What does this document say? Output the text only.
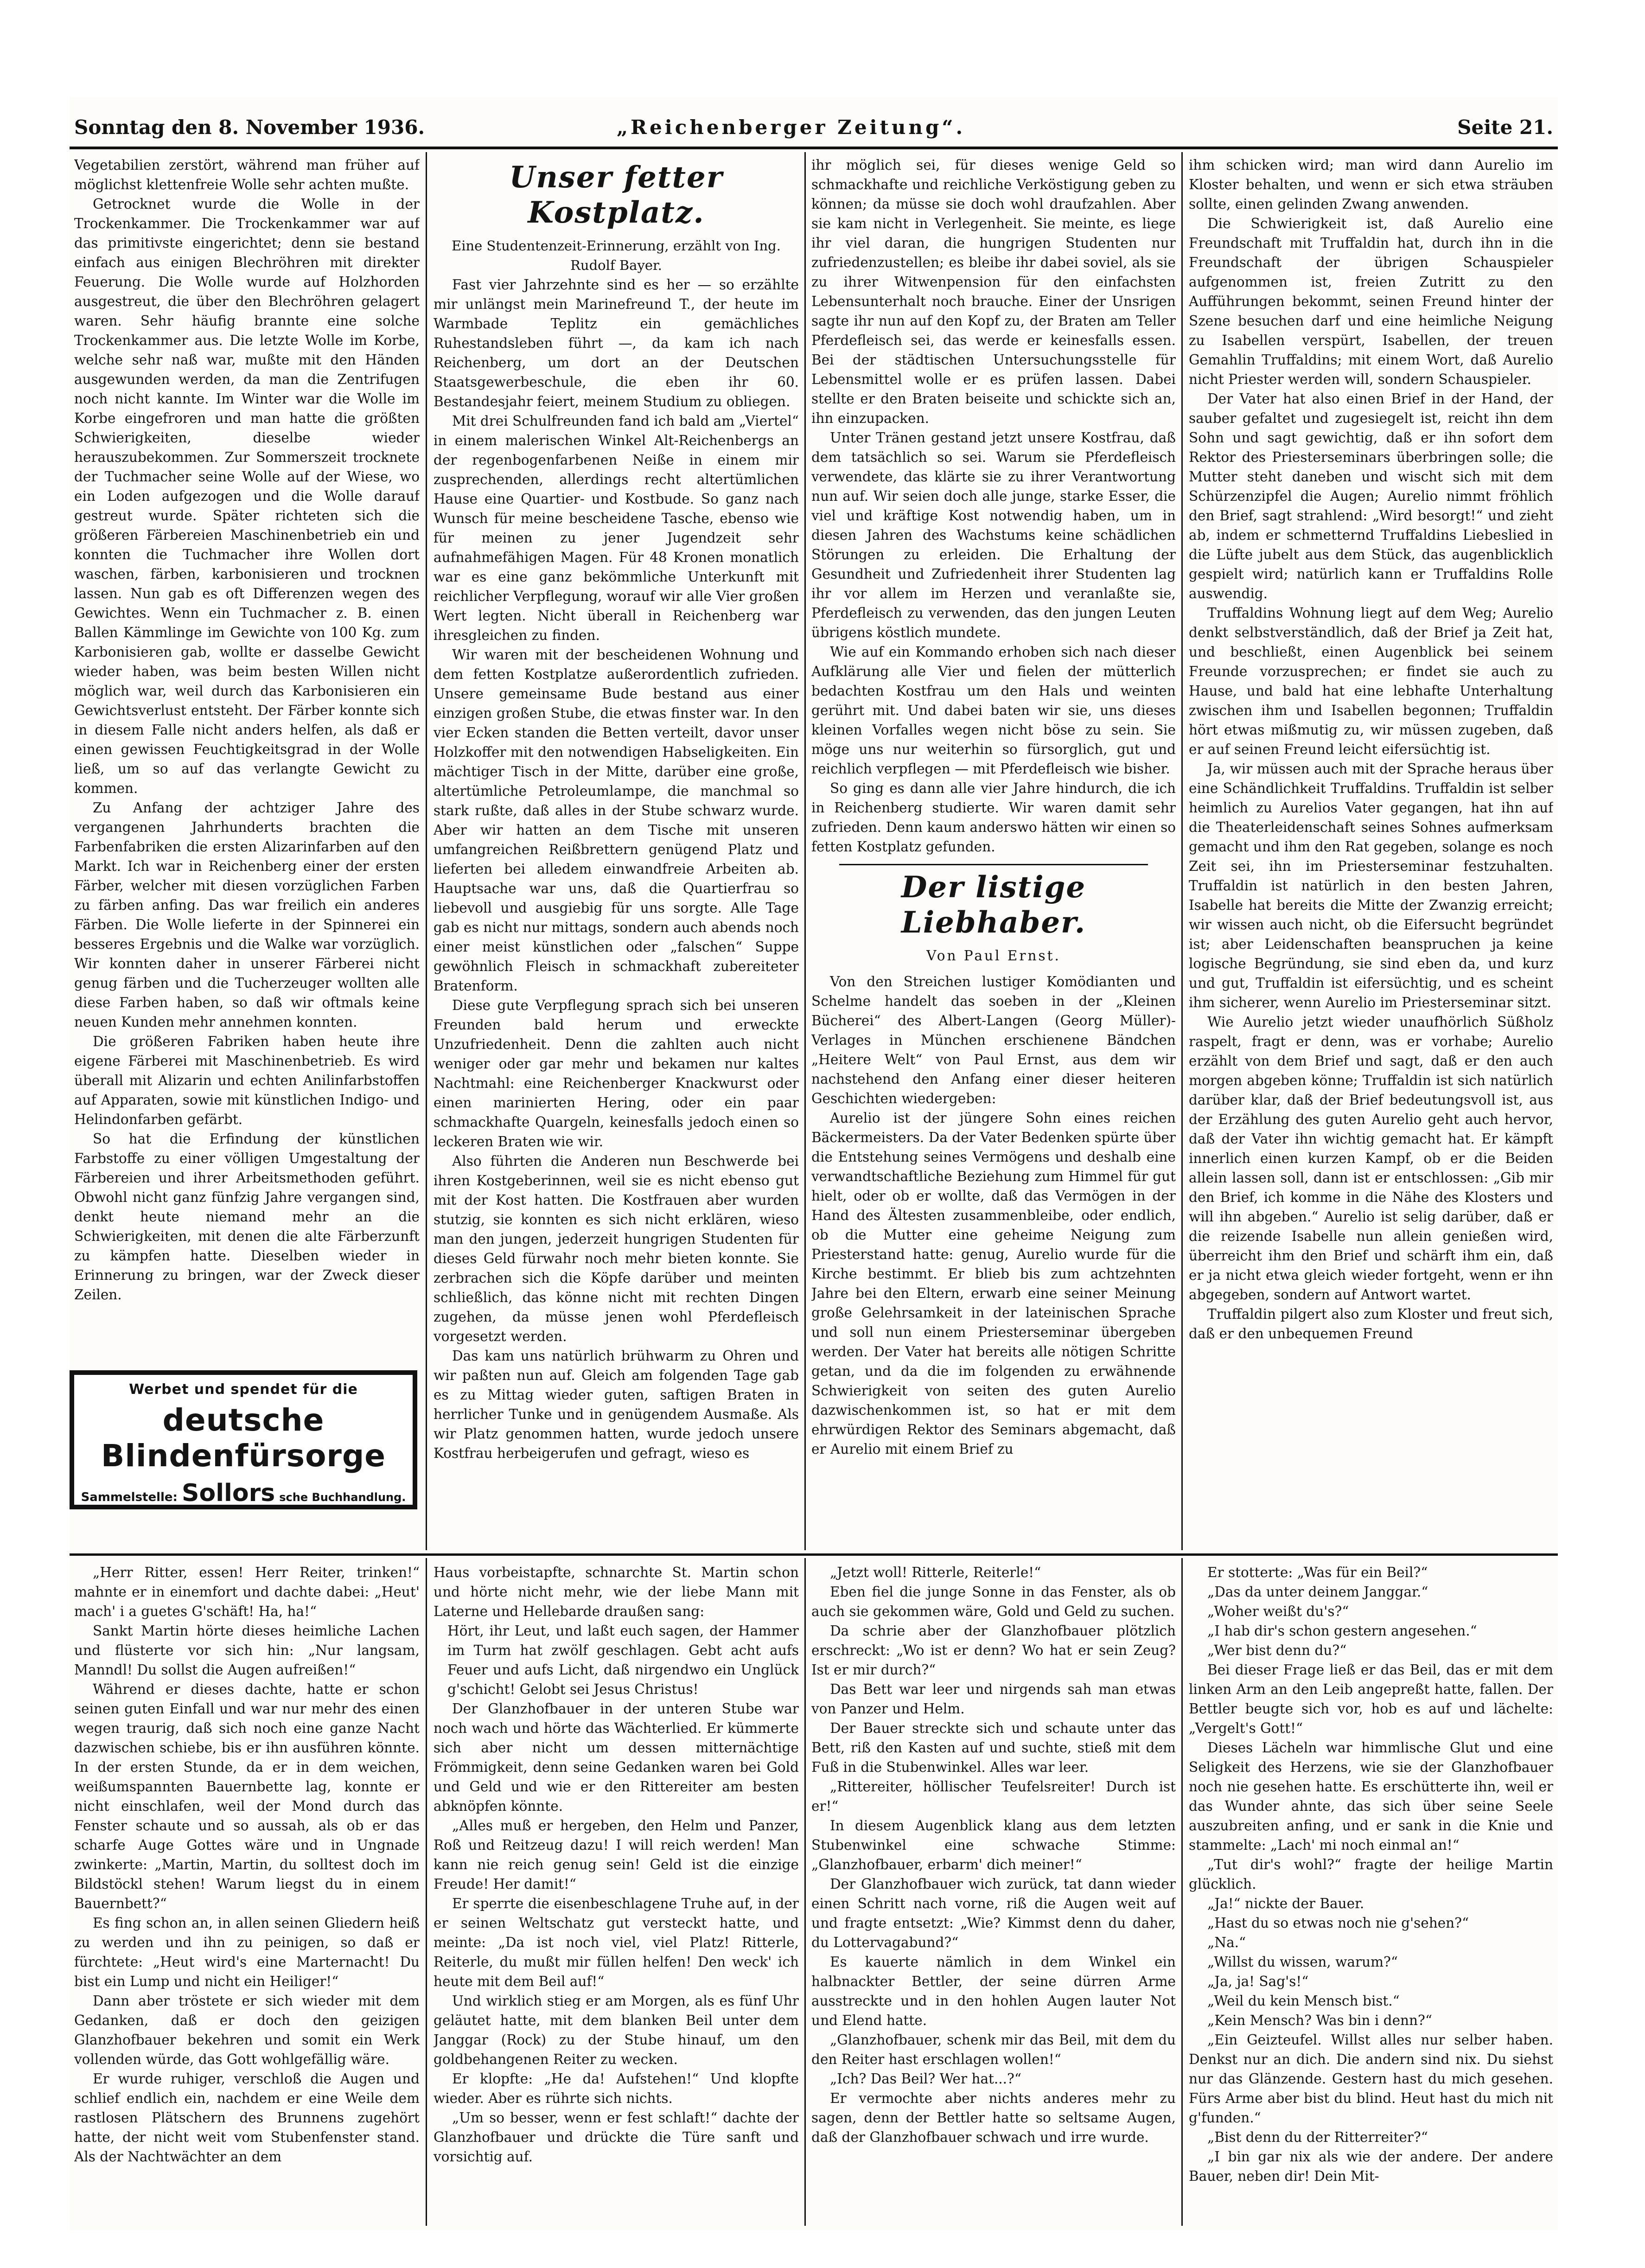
Sonntag den 8. November 1936.	„Reichenberger Zeitung“.	Seite 21.

Vegetabilien zerstört, während man früher auf möglichst klettenfreie Wolle sehr achten mußte.

Getrocknet wurde die Wolle in der Trockenkammer. Die Trockenkammer war auf das primitivste eingerichtet; denn sie bestand einfach aus einigen Blechröhren mit direkter Feuerung. Die Wolle wurde auf Holzhorden ausgestreut, die über den Blechröhren gelagert waren. Sehr häufig brannte eine solche Trockenkammer aus. Die letzte Wolle im Korbe, welche sehr naß war, mußte mit den Händen ausgewunden werden, da man die Zentrifugen noch nicht kannte. Im Winter war die Wolle im Korbe eingefroren und man hatte die größten Schwierigkeiten, dieselbe wieder herauszubekommen. Zur Sommerszeit trocknete der Tuchmacher seine Wolle auf der Wiese, wo ein Loden aufgezogen und die Wolle darauf gestreut wurde. Später richteten sich die größeren Färbereien Maschinenbetrieb ein und konnten die Tuchmacher ihre Wollen dort waschen, färben, karbonisieren und trocknen lassen. Nun gab es oft Differenzen wegen des Gewichtes. Wenn ein Tuchmacher z. B. einen Ballen Kämmlinge im Gewichte von 100 Kg. zum Karbonisieren gab, wollte er dasselbe Gewicht wieder haben, was beim besten Willen nicht möglich war, weil durch das Karbonisieren ein Gewichtsverlust entsteht. Der Färber konnte sich in diesem Falle nicht anders helfen, als daß er einen gewissen Feuchtigkeitsgrad in der Wolle ließ, um so auf das verlangte Gewicht zu kommen.

Zu Anfang der achtziger Jahre des vergangenen Jahrhunderts brachten die Farbenfabriken die ersten Alizarinfarben auf den Markt. Ich war in Reichenberg einer der ersten Färber, welcher mit diesen vorzüglichen Farben zu färben anfing. Das war freilich ein anderes Färben. Die Wolle lieferte in der Spinnerei ein besseres Ergebnis und die Walke war vorzüglich. Wir konnten daher in unserer Färberei nicht genug färben und die Tucherzeuger wollten alle diese Farben haben, so daß wir oftmals keine neuen Kunden mehr annehmen konnten.

Die größeren Fabriken haben heute ihre eigene Färberei mit Maschinenbetrieb. Es wird überall mit Alizarin und echten Anilinfarbstoffen auf Apparaten, sowie mit künstlichen Indigo- und Helindonfarben gefärbt.

So hat die Erfindung der künstlichen Farbstoffe zu einer völligen Umgestaltung der Färbereien und ihrer Arbeitsmethoden geführt. Obwohl nicht ganz fünfzig Jahre vergangen sind, denkt heute niemand mehr an die Schwierigkeiten, mit denen die alte Färberzunft zu kämpfen hatte. Dieselben wieder in Erinnerung zu bringen, war der Zweck dieser Zeilen.

Werbet und spendet für die
deutsche Blindenfürsorge
Sammelstelle: Sollors sche Buchhandlung.
Unser fetter Kostplatz.

Eine Studentenzeit-Erinnerung, erzählt von Ing. Rudolf Bayer.

Fast vier Jahrzehnte sind es her — so erzählte mir unlängst mein Marinefreund T., der heute im Warmbade Teplitz ein gemächliches Ruhestandsleben führt —, da kam ich nach Reichenberg, um dort an der Deutschen Staatsgewerbeschule, die eben ihr 60. Bestandesjahr feiert, meinem Studium zu obliegen.

Mit drei Schulfreunden fand ich bald am „Viertel“ in einem malerischen Winkel Alt-Reichenbergs an der regenbogenfarbenen Neiße in einem mir zusprechenden, allerdings recht altertümlichen Hause eine Quartier- und Kostbude. So ganz nach Wunsch für meine bescheidene Tasche, ebenso wie für meinen zu jener Jugendzeit sehr aufnahmefähigen Magen. Für 48 Kronen monatlich war es eine ganz bekömmliche Unterkunft mit reichlicher Verpflegung, worauf wir alle Vier großen Wert legten. Nicht überall in Reichenberg war ihresgleichen zu finden.

Wir waren mit der bescheidenen Wohnung und dem fetten Kostplatze außerordentlich zufrieden. Unsere gemeinsame Bude bestand aus einer einzigen großen Stube, die etwas finster war. In den vier Ecken standen die Betten verteilt, davor unser Holzkoffer mit den notwendigen Habseligkeiten. Ein mächtiger Tisch in der Mitte, darüber eine große, altertümliche Petroleumlampe, die manchmal so stark rußte, daß alles in der Stube schwarz wurde. Aber wir hatten an dem Tische mit unseren umfangreichen Reißbrettern genügend Platz und lieferten bei alledem einwandfreie Arbeiten ab. Hauptsache war uns, daß die Quartierfrau so liebevoll und ausgiebig für uns sorgte. Alle Tage gab es nicht nur mittags, sondern auch abends noch einer meist künstlichen oder „falschen“ Suppe gewöhnlich Fleisch in schmackhaft zubereiteter Bratenform.

Diese gute Verpflegung sprach sich bei unseren Freunden bald herum und erweckte Unzufriedenheit. Denn die zahlten auch nicht weniger oder gar mehr und bekamen nur kaltes Nachtmahl: eine Reichenberger Knackwurst oder einen marinierten Hering, oder ein paar schmackhafte Quargeln, keinesfalls jedoch einen so leckeren Braten wie wir.

Also führten die Anderen nun Beschwerde bei ihren Kostgeberinnen, weil sie es nicht ebenso gut mit der Kost hatten. Die Kostfrauen aber wurden stutzig, sie konnten es sich nicht erklären, wieso man den jungen, jederzeit hungrigen Studenten für dieses Geld fürwahr noch mehr bieten konnte. Sie zerbrachen sich die Köpfe darüber und meinten schließlich, das könne nicht mit rechten Dingen zugehen, da müsse jenen wohl Pferdefleisch vorgesetzt werden.

Das kam uns natürlich brühwarm zu Ohren und wir paßten nun auf. Gleich am folgenden Tage gab es zu Mittag wieder guten, saftigen Braten in herrlicher Tunke und in genügendem Ausmaße. Als wir Platz genommen hatten, wurde jedoch unsere Kostfrau herbeigerufen und gefragt, wieso es

ihr möglich sei, für dieses wenige Geld so schmackhafte und reichliche Verköstigung geben zu können; da müsse sie doch wohl draufzahlen. Aber sie kam nicht in Verlegenheit. Sie meinte, es liege ihr viel daran, die hungrigen Studenten nur zufriedenzustellen; es bleibe ihr dabei soviel, als sie zu ihrer Witwenpension für den einfachsten Lebensunterhalt noch brauche. Einer der Unsrigen sagte ihr nun auf den Kopf zu, der Braten am Teller Pferdefleisch sei, das werde er keinesfalls essen. Bei der städtischen Untersuchungsstelle für Lebensmittel wolle er es prüfen lassen. Dabei stellte er den Braten beiseite und schickte sich an, ihn einzupacken.

Unter Tränen gestand jetzt unsere Kostfrau, daß dem tatsächlich so sei. Warum sie Pferdefleisch verwendete, das klärte sie zu ihrer Verantwortung nun auf. Wir seien doch alle junge, starke Esser, die viel und kräftige Kost notwendig haben, um in diesen Jahren des Wachstums keine schädlichen Störungen zu erleiden. Die Erhaltung der Gesundheit und Zufriedenheit ihrer Studenten lag ihr vor allem im Herzen und veranlaßte sie, Pferdefleisch zu verwenden, das den jungen Leuten übrigens köstlich mundete.

Wie auf ein Kommando erhoben sich nach dieser Aufklärung alle Vier und fielen der mütterlich bedachten Kostfrau um den Hals und weinten gerührt mit. Und dabei baten wir sie, uns dieses kleinen Vorfalles wegen nicht böse zu sein. Sie möge uns nur weiterhin so fürsorglich, gut und reichlich verpflegen — mit Pferdefleisch wie bisher.

So ging es dann alle vier Jahre hindurch, die ich in Reichenberg studierte. Wir waren damit sehr zufrieden. Denn kaum anderswo hätten wir einen so fetten Kostplatz gefunden.

Der listige Liebhaber.

Von Paul Ernst.

Von den Streichen lustiger Komödianten und Schelme handelt das soeben in der „Kleinen Bücherei“ des Albert-Langen (Georg Müller)-Verlages in München erschienene Bändchen „Heitere Welt“ von Paul Ernst, aus dem wir nachstehend den Anfang einer dieser heiteren Geschichten wiedergeben:

Aurelio ist der jüngere Sohn eines reichen Bäckermeisters. Da der Vater Bedenken spürte über die Entstehung seines Vermögens und deshalb eine verwandtschaftliche Beziehung zum Himmel für gut hielt, oder ob er wollte, daß das Vermögen in der Hand des Ältesten zusammenbleibe, oder endlich, ob die Mutter eine geheime Neigung zum Priesterstand hatte: genug, Aurelio wurde für die Kirche bestimmt. Er blieb bis zum achtzehnten Jahre bei den Eltern, erwarb eine seiner Meinung große Gelehrsamkeit in der lateinischen Sprache und soll nun einem Priesterseminar übergeben werden. Der Vater hat bereits alle nötigen Schritte getan, und da die im folgenden zu erwähnende Schwierigkeit von seiten des guten Aurelio dazwischenkommen ist, so hat er mit dem ehrwürdigen Rektor des Seminars abgemacht, daß er Aurelio mit einem Brief zu

ihm schicken wird; man wird dann Aurelio im Kloster behalten, und wenn er sich etwa sträuben sollte, einen gelinden Zwang anwenden.

Die Schwierigkeit ist, daß Aurelio eine Freundschaft mit Truffaldin hat, durch ihn in die Freundschaft der übrigen Schauspieler aufgenommen ist, freien Zutritt zu den Aufführungen bekommt, seinen Freund hinter der Szene besuchen darf und eine heimliche Neigung zu Isabellen verspürt, Isabellen, der treuen Gemahlin Truffaldins; mit einem Wort, daß Aurelio nicht Priester werden will, sondern Schauspieler.

Der Vater hat also einen Brief in der Hand, der sauber gefaltet und zugesiegelt ist, reicht ihn dem Sohn und sagt gewichtig, daß er ihn sofort dem Rektor des Priesterseminars überbringen solle; die Mutter steht daneben und wischt sich mit dem Schürzenzipfel die Augen; Aurelio nimmt fröhlich den Brief, sagt strahlend: „Wird besorgt!“ und zieht ab, indem er schmetternd Truffaldins Liebeslied in die Lüfte jubelt aus dem Stück, das augenblicklich gespielt wird; natürlich kann er Truffaldins Rolle auswendig.

Truffaldins Wohnung liegt auf dem Weg; Aurelio denkt selbstverständlich, daß der Brief ja Zeit hat, und beschließt, einen Augenblick bei seinem Freunde vorzusprechen; er findet sie auch zu Hause, und bald hat eine lebhafte Unterhaltung zwischen ihm und Isabellen begonnen; Truffaldin hört etwas mißmutig zu, wir müssen zugeben, daß er auf seinen Freund leicht eifersüchtig ist.

Ja, wir müssen auch mit der Sprache heraus über eine Schändlichkeit Truffaldins. Truffaldin ist selber heimlich zu Aurelios Vater gegangen, hat ihn auf die Theaterleidenschaft seines Sohnes aufmerksam gemacht und ihm den Rat gegeben, solange es noch Zeit sei, ihn im Priesterseminar festzuhalten. Truffaldin ist natürlich in den besten Jahren, Isabelle hat bereits die Mitte der Zwanzig erreicht; wir wissen auch nicht, ob die Eifersucht begründet ist; aber Leidenschaften beanspruchen ja keine logische Begründung, sie sind eben da, und kurz und gut, Truffaldin ist eifersüchtig, und es scheint ihm sicherer, wenn Aurelio im Priesterseminar sitzt.

Wie Aurelio jetzt wieder unaufhörlich Süßholz raspelt, fragt er denn, was er vorhabe; Aurelio erzählt von dem Brief und sagt, daß er den auch morgen abgeben könne; Truffaldin ist sich natürlich darüber klar, daß der Brief bedeutungsvoll ist, aus der Erzählung des guten Aurelio geht auch hervor, daß der Vater ihn wichtig gemacht hat. Er kämpft innerlich einen kurzen Kampf, ob er die Beiden allein lassen soll, dann ist er entschlossen: „Gib mir den Brief, ich komme in die Nähe des Klosters und will ihn abgeben.“ Aurelio ist selig darüber, daß er die reizende Isabelle nun allein genießen wird, überreicht ihm den Brief und schärft ihm ein, daß er ja nicht etwa gleich wieder fortgeht, wenn er ihn abgegeben, sondern auf Antwort wartet.

Truffaldin pilgert also zum Kloster und freut sich, daß er den unbequemen Freund

„Herr Ritter, essen! Herr Reiter, trinken!“ mahnte er in einemfort und dachte dabei: „Heut' mach' i a guetes G'schäft! Ha, ha!“

Sankt Martin hörte dieses heimliche Lachen und flüsterte vor sich hin: „Nur langsam, Manndl! Du sollst die Augen aufreißen!“

Während er dieses dachte, hatte er schon seinen guten Einfall und war nur mehr des einen wegen traurig, daß sich noch eine ganze Nacht dazwischen schiebe, bis er ihn ausführen könnte. In der ersten Stunde, da er in dem weichen, weißumspannten Bauernbette lag, konnte er nicht einschlafen, weil der Mond durch das Fenster schaute und so aussah, als ob er das scharfe Auge Gottes wäre und in Ungnade zwinkerte: „Martin, Martin, du solltest doch im Bildstöckl stehen! Warum liegst du in einem Bauernbett?“

Es fing schon an, in allen seinen Gliedern heiß zu werden und ihn zu peinigen, so daß er fürchtete: „Heut wird's eine Marternacht! Du bist ein Lump und nicht ein Heiliger!“

Dann aber tröstete er sich wieder mit dem Gedanken, daß er doch den geizigen Glanzhofbauer bekehren und somit ein Werk vollenden würde, das Gott wohlgefällig wäre.

Er wurde ruhiger, verschloß die Augen und schlief endlich ein, nachdem er eine Weile dem rastlosen Plätschern des Brunnens zugehört hatte, der nicht weit vom Stubenfenster stand. Als der Nachtwächter an dem

Haus vorbeistapfte, schnarchte St. Martin schon und hörte nicht mehr, wie der liebe Mann mit Laterne und Hellebarde draußen sang:

Hört, ihr Leut, und laßt euch sagen, der Hammer im Turm hat zwölf geschlagen. Gebt acht aufs Feuer und aufs Licht, daß nirgendwo ein Unglück g'schicht! Gelobt sei Jesus Christus!

Der Glanzhofbauer in der unteren Stube war noch wach und hörte das Wächterlied. Er kümmerte sich aber nicht um dessen mitternächtige Frömmigkeit, denn seine Gedanken waren bei Gold und Geld und wie er den Rittereiter am besten abknöpfen könnte.

„Alles muß er hergeben, den Helm und Panzer, Roß und Reitzeug dazu! I will reich werden! Man kann nie reich genug sein! Geld ist die einzige Freude! Her damit!“

Er sperrte die eisenbeschlagene Truhe auf, in der er seinen Weltschatz gut versteckt hatte, und meinte: „Da ist noch viel, viel Platz! Ritterle, Reiterle, du mußt mir füllen helfen! Den weck' ich heute mit dem Beil auf!“

Und wirklich stieg er am Morgen, als es fünf Uhr geläutet hatte, mit dem blanken Beil unter dem Janggar (Rock) zu der Stube hinauf, um den goldbehangenen Reiter zu wecken.

Er klopfte: „He da! Aufstehen!“ Und klopfte wieder. Aber es rührte sich nichts.

„Um so besser, wenn er fest schlaft!“ dachte der Glanzhofbauer und drückte die Türe sanft und vorsichtig auf.

„Jetzt woll! Ritterle, Reiterle!“

Eben fiel die junge Sonne in das Fenster, als ob auch sie gekommen wäre, Gold und Geld zu suchen.

Da schrie aber der Glanzhofbauer plötzlich erschreckt: „Wo ist er denn? Wo hat er sein Zeug? Ist er mir durch?“

Das Bett war leer und nirgends sah man etwas von Panzer und Helm.

Der Bauer streckte sich und schaute unter das Bett, riß den Kasten auf und suchte, stieß mit dem Fuß in die Stubenwinkel. Alles war leer.

„Rittereiter, höllischer Teufelsreiter! Durch ist er!“

In diesem Augenblick klang aus dem letzten Stubenwinkel eine schwache Stimme: „Glanzhofbauer, erbarm' dich meiner!“

Der Glanzhofbauer wich zurück, tat dann wieder einen Schritt nach vorne, riß die Augen weit auf und fragte entsetzt: „Wie? Kimmst denn du daher, du Lottervagabund?“

Es kauerte nämlich in dem Winkel ein halbnackter Bettler, der seine dürren Arme ausstreckte und in den hohlen Augen lauter Not und Elend hatte.

„Glanzhofbauer, schenk mir das Beil, mit dem du den Reiter hast erschlagen wollen!“

„Ich? Das Beil? Wer hat...?“

Er vermochte aber nichts anderes mehr zu sagen, denn der Bettler hatte so seltsame Augen, daß der Glanzhofbauer schwach und irre wurde.

Er stotterte: „Was für ein Beil?“

„Das da unter deinem Janggar.“

„Woher weißt du's?“

„I hab dir's schon gestern angesehen.“

„Wer bist denn du?“

Bei dieser Frage ließ er das Beil, das er mit dem linken Arm an den Leib angepreßt hatte, fallen. Der Bettler beugte sich vor, hob es auf und lächelte: „Vergelt's Gott!“

Dieses Lächeln war himmlische Glut und eine Seligkeit des Herzens, wie sie der Glanzhofbauer noch nie gesehen hatte. Es erschütterte ihn, weil er das Wunder ahnte, das sich über seine Seele auszubreiten anfing, und er sank in die Knie und stammelte: „Lach' mi noch einmal an!“

„Tut dir's wohl?“ fragte der heilige Martin glücklich.

„Ja!“ nickte der Bauer.

„Hast du so etwas noch nie g'sehen?“

„Na.“

„Willst du wissen, warum?“

„Ja, ja! Sag's!“

„Weil du kein Mensch bist.“

„Kein Mensch? Was bin i denn?“

„Ein Geizteufel. Willst alles nur selber haben. Denkst nur an dich. Die andern sind nix. Du siehst nur das Glänzende. Gestern hast du mich gesehen. Fürs Arme aber bist du blind. Heut hast du mich nit g'funden.“

„Bist denn du der Ritterreiter?“

„I bin gar nix als wie der andere. Der andere Bauer, neben dir! Dein Mit-
